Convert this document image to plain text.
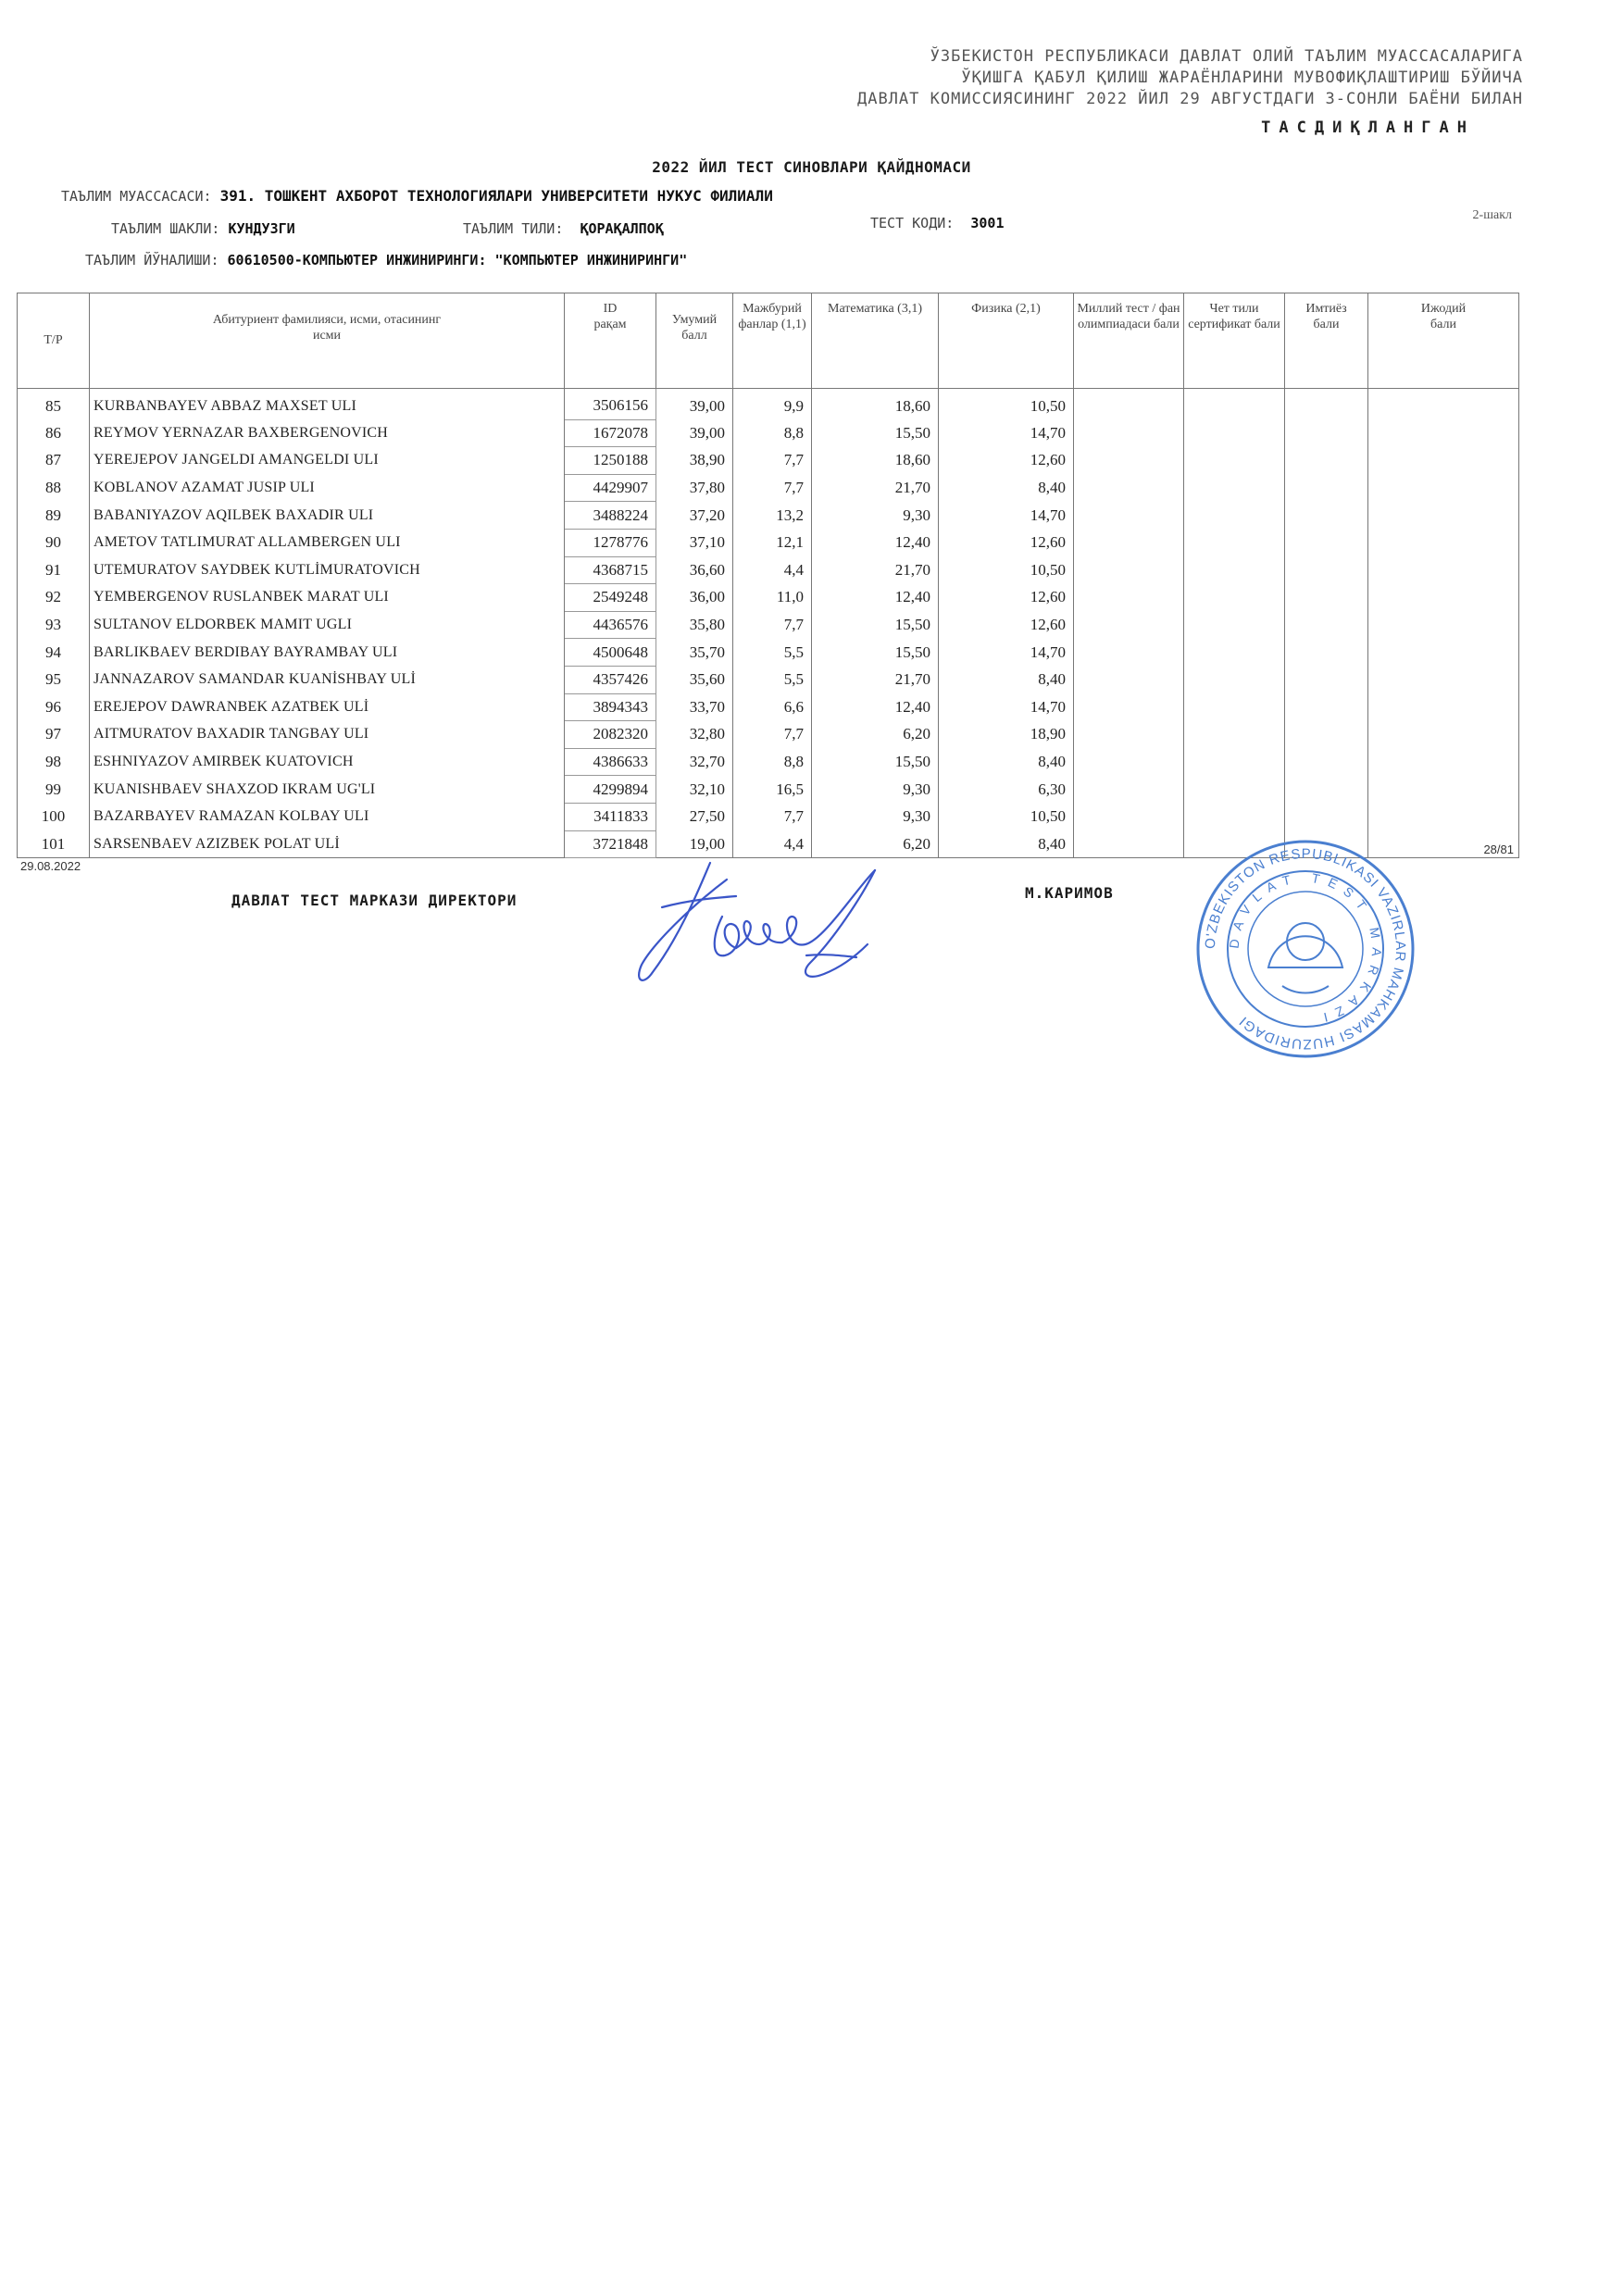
ЎЗБЕКИСТОН РЕСПУБЛИКАСИ ДАВЛАТ ОЛИЙ ТАЪЛИМ МУАССАСАЛАРИГА
ЎҚИШГА ҚАБУЛ ҚИЛИШ ЖАРАЁНЛАРИНИ МУВОФИҚЛАШТИРИШ БЎЙИЧА
ДАВЛАТ КОМИССИЯСИНИНГ 2022 ЙИЛ 29 АВГУСТДАГИ 3-СОНЛИ БАЁНИ БИЛАН
ТАСДИҚЛАНГАН
2022 ЙИЛ ТЕСТ СИНОВЛАРИ ҚАЙДНОМАСИ
ТАЪЛИМ МУАССАСАСИ: 391. ТОШКЕНТ АХБОРОТ ТЕХНОЛОГИЯЛАРИ УНИВЕРСИТЕТИ НУКУС ФИЛИАЛИ
ТАЪЛИМ ШАКЛИ: КУНДУЗГИ	ТАЪЛИМ ТИЛИ: ҚОРАҚАЛПОҚ	ТЕСТ КОДИ: 3001	2-шакл
ТАЪЛИМ ЙЎНАЛИШИ: 60610500-КОМПЬЮТЕР ИНЖИНИРИНГИ: "КОМПЬЮТЕР ИНЖИНИРИНГИ"
Т/Р	Абитуриент фамилияси, исми, отасининг исми	ID рақам	Умумий балл	Мажбурий фанлар (1,1)	Математика (3,1)	Физика (2,1)	Миллий тест / фан олимпиадаси бали	Чет тили сертификат бали	Имтиёз бали	Ижодий бали
85	KURBANBAYEV ABBAZ MAXSET ULI	3506156	39,00	9,9	18,60	10,50				
86	REYMOV YERNAZAR BAXBERGENOVICH	1672078	39,00	8,8	15,50	14,70				
87	YEREJEPOV JANGELDI AMANGELDI ULI	1250188	38,90	7,7	18,60	12,60				
88	KOBLANOV AZAMAT JUSIP ULI	4429907	37,80	7,7	21,70	8,40				
89	BABANIYAZOV AQILBEK BAXADIR ULI	3488224	37,20	13,2	9,30	14,70				
90	AMETOV TATLIMURAT ALLAMBERGEN ULI	1278776	37,10	12,1	12,40	12,60				
91	UTEMURATOV SAYDBEK KUTLİMURATOVICH	4368715	36,60	4,4	21,70	10,50				
92	YEMBERGENOV RUSLANBEK MARAT ULI	2549248	36,00	11,0	12,40	12,60				
93	SULTANOV ELDORBEK MAMIT UGLI	4436576	35,80	7,7	15,50	12,60				
94	BARLIKBAEV BERDIBAY BAYRAMBAY ULI	4500648	35,70	5,5	15,50	14,70				
95	JANNAZAROV SAMANDAR KUANİSHBAY ULİ	4357426	35,60	5,5	21,70	8,40				
96	EREJEPOV DAWRANBEK AZATBEK ULİ	3894343	33,70	6,6	12,40	14,70				
97	AITMURATOV BAXADIR TANGBAY ULI	2082320	32,80	7,7	6,20	18,90				
98	ESHNIYAZOV AMIRBEK KUATOVICH	4386633	32,70	8,8	15,50	8,40				
99	KUANISHBAEV SHAXZOD IKRAM UG'LI	4299894	32,10	16,5	9,30	6,30				
100	BAZARBAYEV RAMAZAN KOLBAY ULI	3411833	27,50	7,7	9,30	10,50				
101	SARSENBAEV AZIZBEK POLAT ULİ	3721848	19,00	4,4	6,20	8,40					28/81
29.08.2022
ДАВЛАТ ТЕСТ МАРКАЗИ ДИРЕКТОРИ	М.КАРИМОВ
O'ZBEKISTON RESPUBLIKASI VAZIRLAR MAHKAMASI HUZURIDAGI
DAVLAT TEST MARKAZI
